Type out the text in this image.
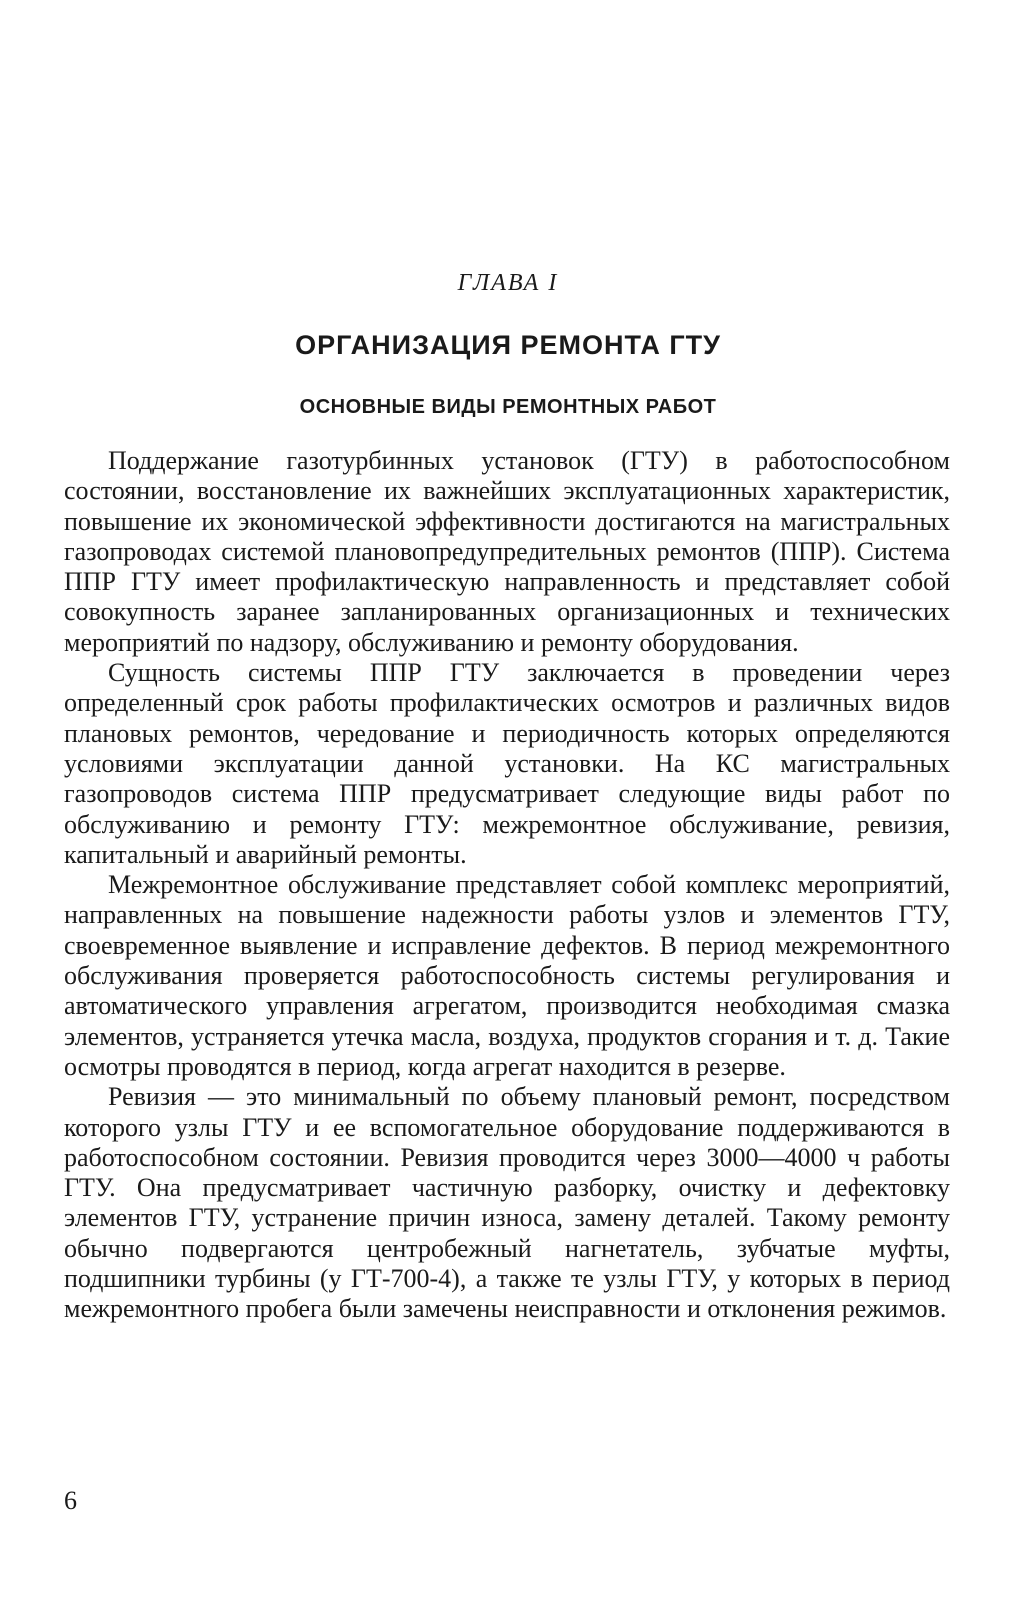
ГЛАВА I
ОРГАНИЗАЦИЯ РЕМОНТА ГТУ
ОСНОВНЫЕ ВИДЫ РЕМОНТНЫХ РАБОТ

Поддержание газотурбинных установок (ГТУ) в работоспособном состоянии, восстановление их важнейших эксплуатационных характеристик, повышение их экономической эффективности достигаются на магистральных газопроводах системой плановопредупредительных ремонтов (ППР). Система ППР ГТУ имеет профилактическую направленность и представляет собой совокупность заранее запланированных организационных и технических мероприятий по надзору, обслуживанию и ремонту оборудования.

Сущность системы ППР ГТУ заключается в проведении через определенный срок работы профилактических осмотров и различных видов плановых ремонтов, чередование и периодичность которых определяются условиями эксплуатации данной установки. На КС магистральных газопроводов система ППР предусматривает следующие виды работ по обслуживанию и ремонту ГТУ: межремонтное обслуживание, ревизия, капитальный и аварийный ремонты.

Межремонтное обслуживание представляет собой комплекс мероприятий, направленных на повышение надежности работы узлов и элементов ГТУ, своевременное выявление и исправление дефектов. В период межремонтного обслуживания проверяется работоспособность системы регулирования и автоматического управления агрегатом, производится необходимая смазка элементов, устраняется утечка масла, воздуха, продуктов сгорания и т. д. Такие осмотры проводятся в период, когда агрегат находится в резерве.

Ревизия — это минимальный по объему плановый ремонт, посредством которого узлы ГТУ и ее вспомогательное оборудование поддерживаются в работоспособном состоянии. Ревизия проводится через 3000—4000 ч работы ГТУ. Она предусматривает частичную разборку, очистку и дефектовку элементов ГТУ, устранение причин износа, замену деталей. Такому ремонту обычно подвергаются центробежный нагнетатель, зубчатые муфты, подшипники турбины (у ГТ-700-4), а также те узлы ГТУ, у которых в период межремонтного пробега были замечены неисправности и отклонения режимов.

6
